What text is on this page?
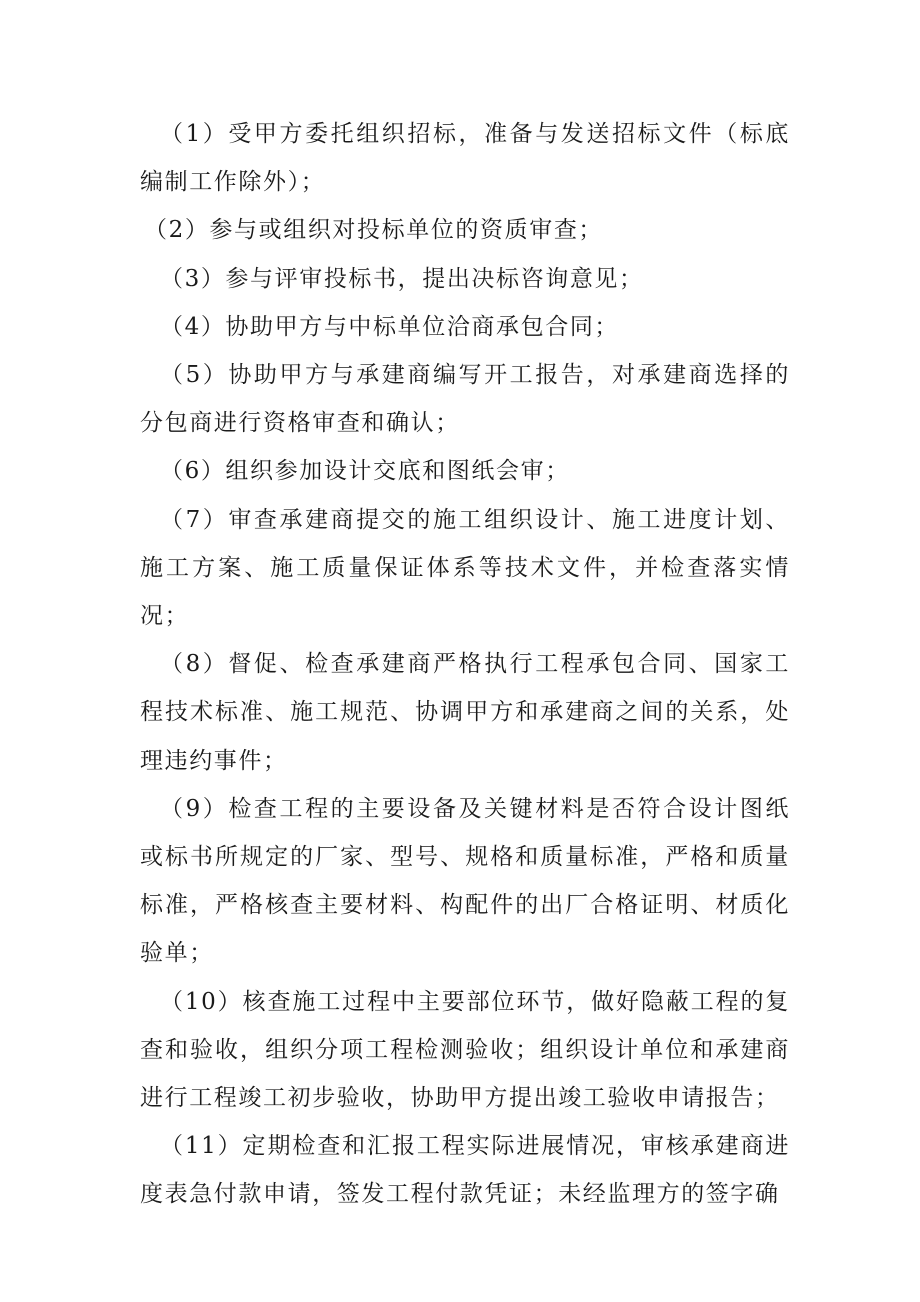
（1）受甲方委托组织招标，准备与发送招标文件（标底编制工作除外）；

（2）参与或组织对投标单位的资质审查；

（3）参与评审投标书，提出决标咨询意见；

（4）协助甲方与中标单位洽商承包合同；

（5）协助甲方与承建商编写开工报告，对承建商选择的分包商进行资格审查和确认；

（6）组织参加设计交底和图纸会审；

（7）审查承建商提交的施工组织设计、施工进度计划、施工方案、施工质量保证体系等技术文件，并检查落实情况；

（8）督促、检查承建商严格执行工程承包合同、国家工程技术标准、施工规范、协调甲方和承建商之间的关系，处理违约事件；

（9）检查工程的主要设备及关键材料是否符合设计图纸或标书所规定的厂家、型号、规格和质量标准，严格和质量标准，严格核查主要材料、构配件的出厂合格证明、材质化验单；

（10）核查施工过程中主要部位环节，做好隐蔽工程的复查和验收，组织分项工程检测验收；组织设计单位和承建商进行工程竣工初步验收，协助甲方提出竣工验收申请报告；

（11）定期检查和汇报工程实际进展情况，审核承建商进度表急付款申请，签发工程付款凭证；未经监理方的签字确
